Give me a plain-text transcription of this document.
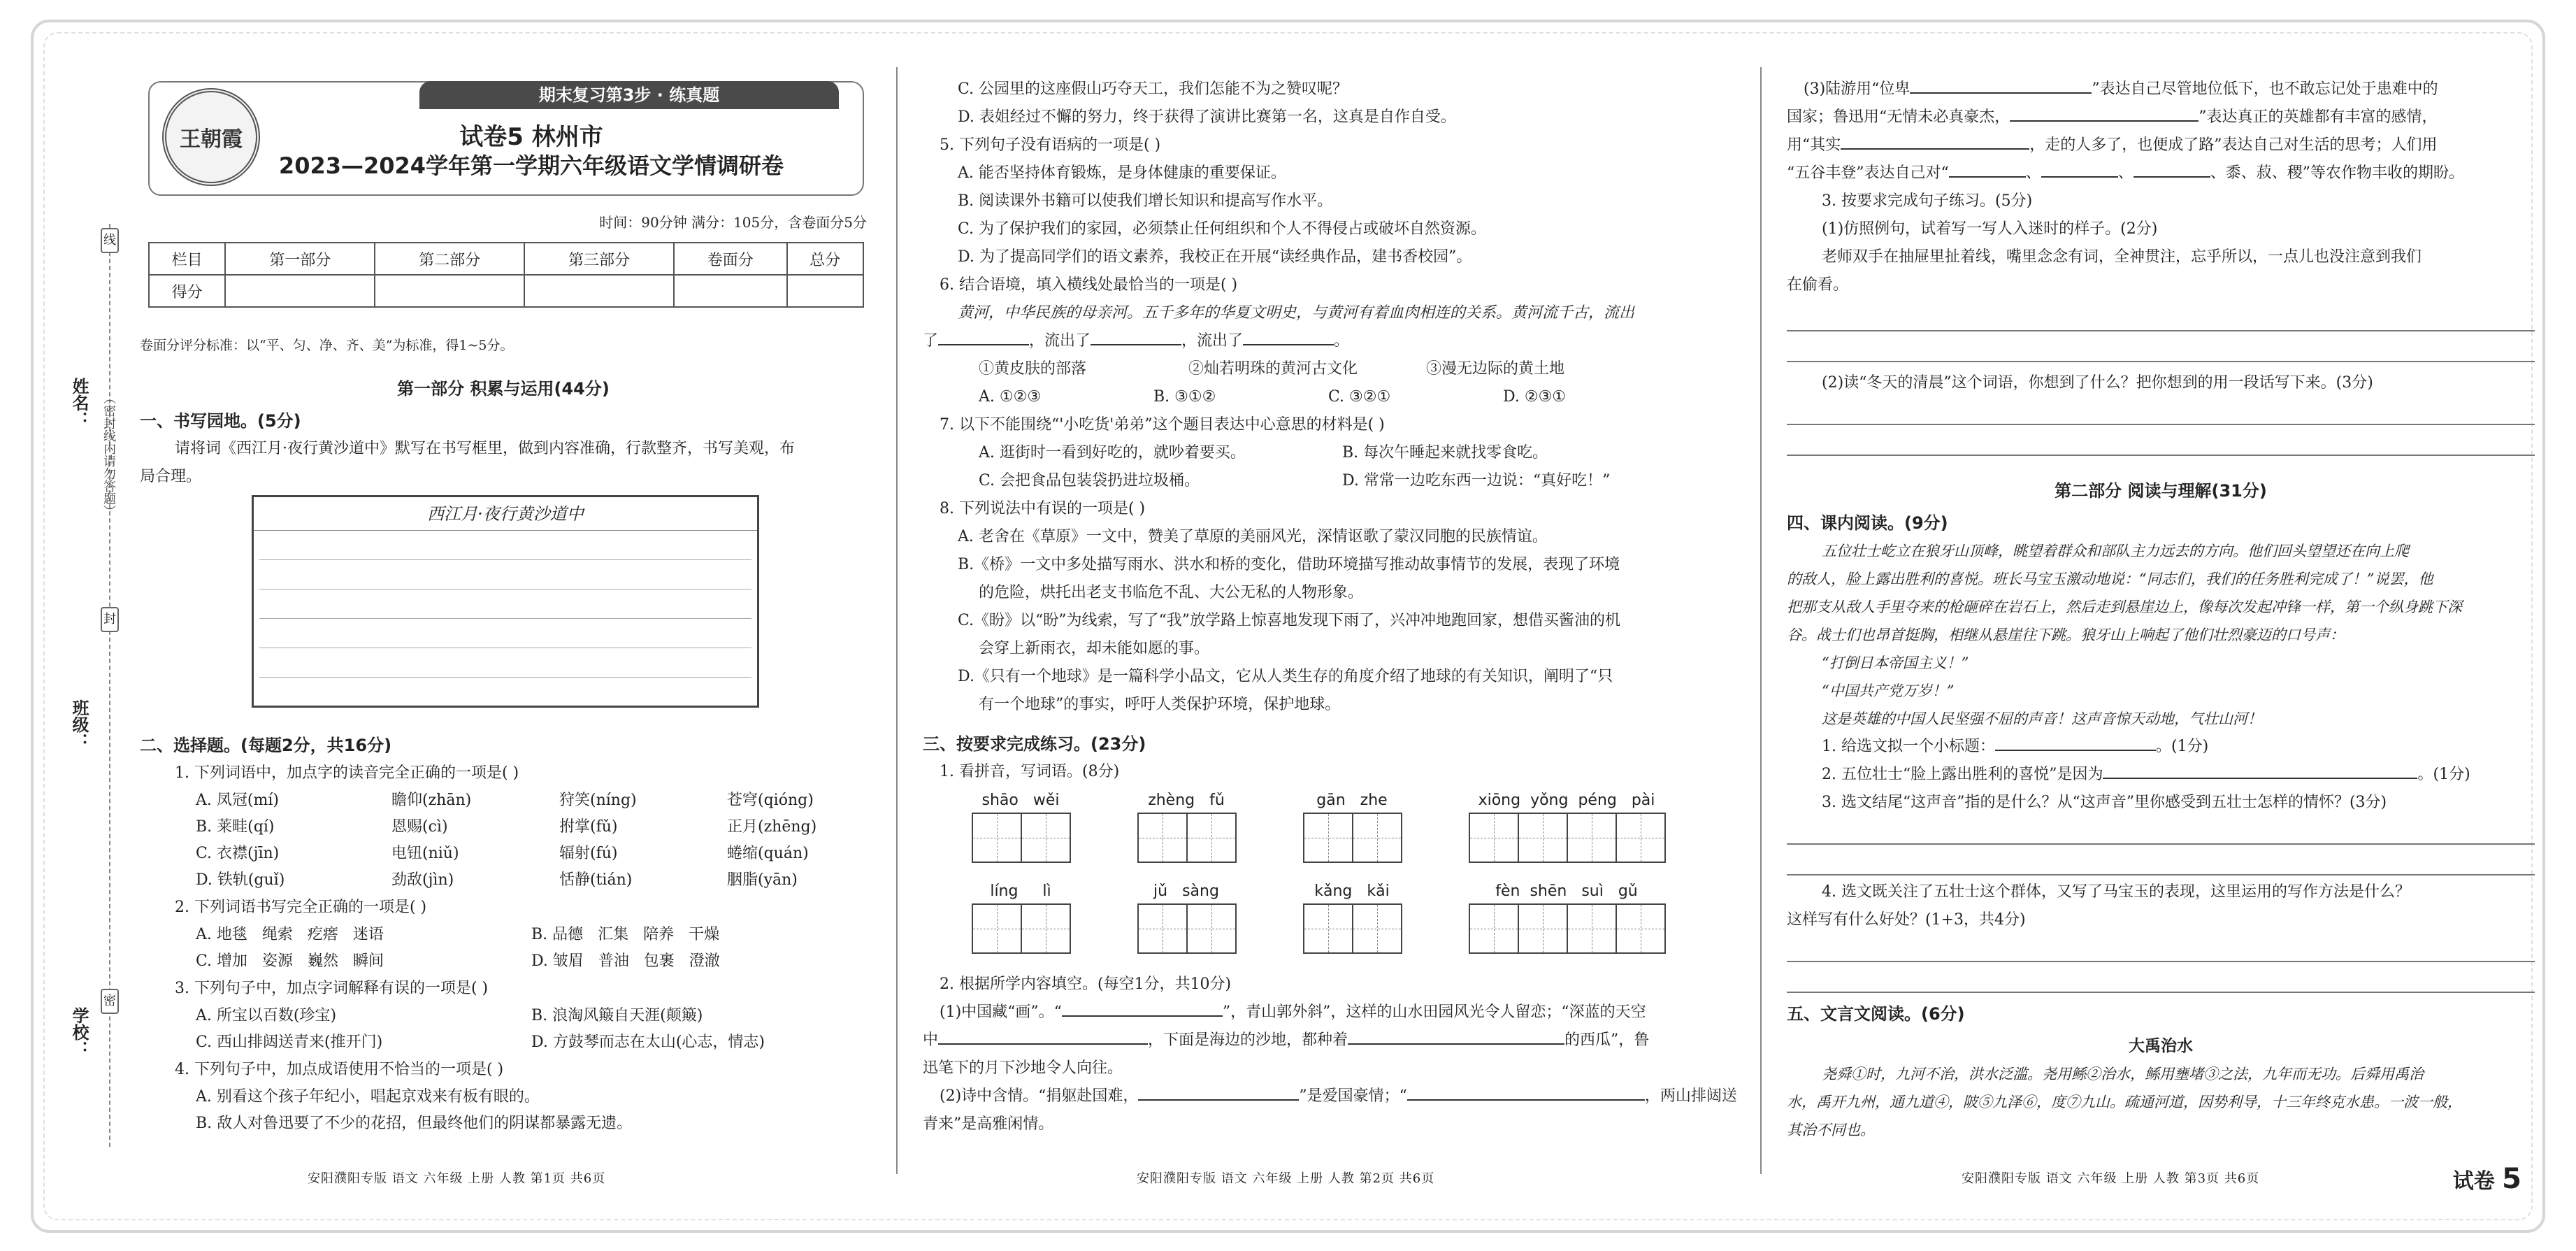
线
封
密
姓名： （密封线内请勿答题）
班级：
学校：
期末复习第3步 · 练真题
王朝霞	试卷5 林州市
2023—2024学年第一学期六年级语文学情调研卷
时间：90分钟 满分：105分，含卷面分5分
栏目	第一部分	第二部分	第三部分	卷面分	总分
得分					
卷面分评分标准：以“平、匀、净、齐、美”为标准，得1~5分。
第一部分 积累与运用(44分)
一、书写园地。(5分)
请将词《西江月·夜行黄沙道中》默写在书写框里，做到内容准确，行款整齐，书写美观，布
局合理。
西江月·夜行黄沙道中
二、选择题。(每题2分，共16分)
1. 下列词语中，加点字的读音完全正确的一项是( )
A. 凤冠(mí)	瞻仰(zhān)	狩笑(níng)	苍穹(qióng)
B. 莱畦(qí)	恩赐(cì)	拊掌(fǔ)	正月(zhēng)
C. 衣襟(jīn)	电钮(niǔ)	辐射(fú)	蜷缩(quán)
D. 铁轨(guǐ)	劲敌(jìn)	恬静(tián)	胭脂(yān)
2. 下列词语书写完全正确的一项是( )
A. 地毯   绳索   疙瘩   迷语	B. 品德   汇集   陪养   干燥
C. 增加   姿源   巍然   瞬间	D. 皱眉   普油   包裹   澄澈
3. 下列句子中，加点字词解释有误的一项是( )
A. 所宝以百数(珍宝)	B. 浪淘风簸自天涯(颠簸)
C. 西山排闼送青来(推开门)	D. 方鼓琴而志在太山(心志，情志)
4. 下列句子中，加点成语使用不恰当的一项是( )
A. 别看这个孩子年纪小，唱起京戏来有板有眼的。
B. 敌人对鲁迅要了不少的花招，但最终他们的阴谋都暴露无遗。
安阳濮阳专版 语文 六年级 上册 人教 第1页 共6页
C. 公园里的这座假山巧夺天工，我们怎能不为之赞叹呢？
D. 表姐经过不懈的努力，终于获得了演讲比赛第一名，这真是自作自受。
5. 下列句子没有语病的一项是( )
A. 能否坚持体育锻炼，是身体健康的重要保证。
B. 阅读课外书籍可以使我们增长知识和提高写作水平。
C. 为了保护我们的家园，必须禁止任何组织和个人不得侵占或破坏自然资源。
D. 为了提高同学们的语文素养，我校正在开展“读经典作品，建书香校园”。
6. 结合语境，填入横线处最恰当的一项是( )
黄河，中华民族的母亲河。五千多年的华夏文明史，与黄河有着血肉相连的关系。黄河流千古，流出
了	，流出了	，流出了	。
①黄皮肤的部落	②灿若明珠的黄河古文化	③漫无边际的黄土地
A. ①②③	B. ③①②	C. ③②①	D. ②③①
7. 以下不能围绕“'小吃货'弟弟”这个题目表达中心意思的材料是( )
A. 逛街时一看到好吃的，就吵着要买。	B. 每次午睡起来就找零食吃。
C. 会把食品包装袋扔进垃圾桶。	D. 常常一边吃东西一边说：“真好吃！”
8. 下列说法中有误的一项是( )
A. 老舍在《草原》一文中，赞美了草原的美丽风光，深情讴歌了蒙汉同胞的民族情谊。
B.《桥》一文中多处描写雨水、洪水和桥的变化，借助环境描写推动故事情节的发展，表现了环境
的危险，烘托出老支书临危不乱、大公无私的人物形象。
C.《盼》以“盼”为线索，写了“我”放学路上惊喜地发现下雨了，兴冲冲地跑回家，想借买酱油的机
会穿上新雨衣，却未能如愿的事。
D.《只有一个地球》是一篇科学小品文，它从人类生存的角度介绍了地球的有关知识，阐明了“只
有一个地球”的事实，呼吁人类保护环境，保护地球。
三、按要求完成练习。(23分)
1. 看拼音，写词语。(8分)
shāo   wěi
	zhèng   fǔ
	gān   zhe
	xiōng  yǒng  péng   pài
líng     lì
	jǔ   sàng
	kǎng   kǎi
	fèn  shēn   suì   gǔ
2. 根据所学内容填空。(每空1分，共10分)
(1)中国藏“画”。“	”，青山郭外斜”，这样的山水田园风光令人留恋；“深蓝的天空
中	，下面是海边的沙地，都种着	的西瓜”，鲁
迅笔下的月下沙地令人向往。
(2)诗中含情。“捐躯赴国难，	”是爱国豪情；“	，两山排闼送
青来”是高雅闲情。
安阳濮阳专版 语文 六年级 上册 人教 第2页 共6页
(3)陆游用“位卑	”表达自己尽管地位低下，也不敢忘记处于患难中的
国家；鲁迅用“无情未必真豪杰，	”表达真正的英雄都有丰富的感情，
用“其实	，走的人多了，也便成了路”表达自己对生活的思考；人们用
“五谷丰登”表达自己对“	、	、	、黍、菽、稷”等农作物丰收的期盼。
3. 按要求完成句子练习。(5分)
(1)仿照例句，试着写一写人入迷时的样子。(2分)
老师双手在抽屉里扯着线，嘴里念念有词，全神贯注，忘乎所以，一点儿也没注意到我们
在偷看。
(2)读“冬天的清晨”这个词语，你想到了什么？把你想到的用一段话写下来。(3分)
第二部分 阅读与理解(31分)
四、课内阅读。(9分)
五位壮士屹立在狼牙山顶峰，眺望着群众和部队主力远去的方向。他们回头望望还在向上爬
的敌人，脸上露出胜利的喜悦。班长马宝玉激动地说：“同志们，我们的任务胜利完成了！”说罢，他
把那支从敌人手里夺来的枪砸碎在岩石上，然后走到悬崖边上，像每次发起冲锋一样，第一个纵身跳下深
谷。战士们也昂首挺胸，相继从悬崖往下跳。狼牙山上响起了他们壮烈豪迈的口号声：
“打倒日本帝国主义！”
“中国共产党万岁！”
这是英雄的中国人民坚强不屈的声音！这声音惊天动地，气壮山河！
1. 给选文拟一个小标题：	。(1分)
2. 五位壮士“脸上露出胜利的喜悦”是因为	。(1分)
3. 选文结尾“这声音”指的是什么？从“这声音”里你感受到五壮士怎样的情怀？(3分)
4. 选文既关注了五壮士这个群体，又写了马宝玉的表现，这里运用的写作方法是什么？
这样写有什么好处？(1+3，共4分)
五、文言文阅读。(6分)
大禹治水
尧舜①时，九河不治，洪水泛滥。尧用鲧②治水，鲧用壅堵③之法，九年而无功。后舜用禹治
水，禹开九州，通九道④，陂⑤九泽⑥，度⑦九山。疏通河道，因势利导，十三年终克水患。一波一般，
其治不同也。
安阳濮阳专版 语文 六年级 上册 人教 第3页 共6页	试卷 5
